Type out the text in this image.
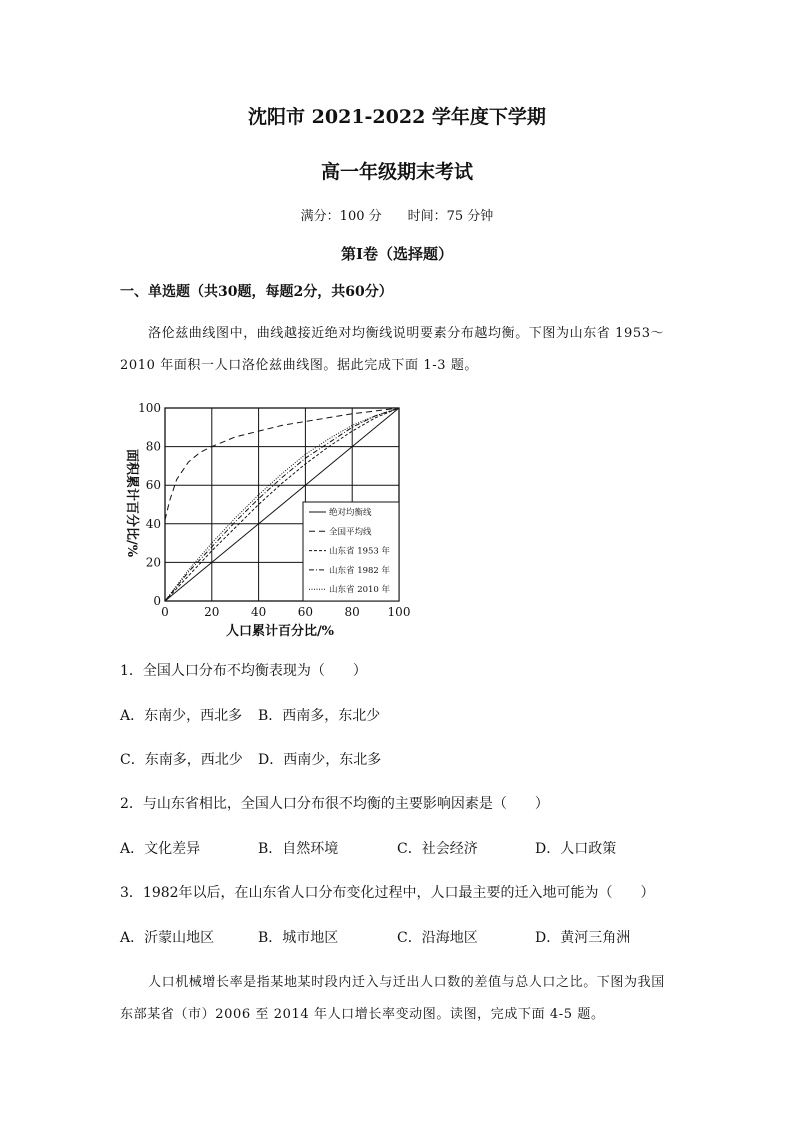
沈阳市 2021-2022 学年度下学期
高一年级期末考试
满分：100 分 时间：75 分钟
第Ⅰ卷（选择题）
一、单选题（共30题，每题2分，共60分）
洛伦兹曲线图中，曲线越接近绝对均衡线说明要素分布越均衡。下图为山东省 1953～
2010 年面积一人口洛伦兹曲线图。据此完成下面 1-3 题。
人口累计百分比/%
面积累计百分比/%
0	20	40	60	80 100
0
20
40
60
80
100
绝对均衡线
全国平均线
山东省 1953 年
山东省 1982 年
山东省 2010 年
1．全国人口分布不均衡表现为（　　）
A．东南少，西北多 B．西南多，东北少
C．东南多，西北少 D．西南少，东北多
2．与山东省相比，全国人口分布很不均衡的主要影响因素是（　　）
A．文化差异	B．自然环境	C．社会经济	D．人口政策
3．1982年以后，在山东省人口分布变化过程中，人口最主要的迁入地可能为（　　）
A．沂蒙山地区	B．城市地区	C．沿海地区	D．黄河三角洲
人口机械增长率是指某地某时段内迁入与迁出人口数的差值与总人口之比。下图为我国
东部某省（市）2006 至 2014 年人口增长率变动图。读图，完成下面 4-5 题。
